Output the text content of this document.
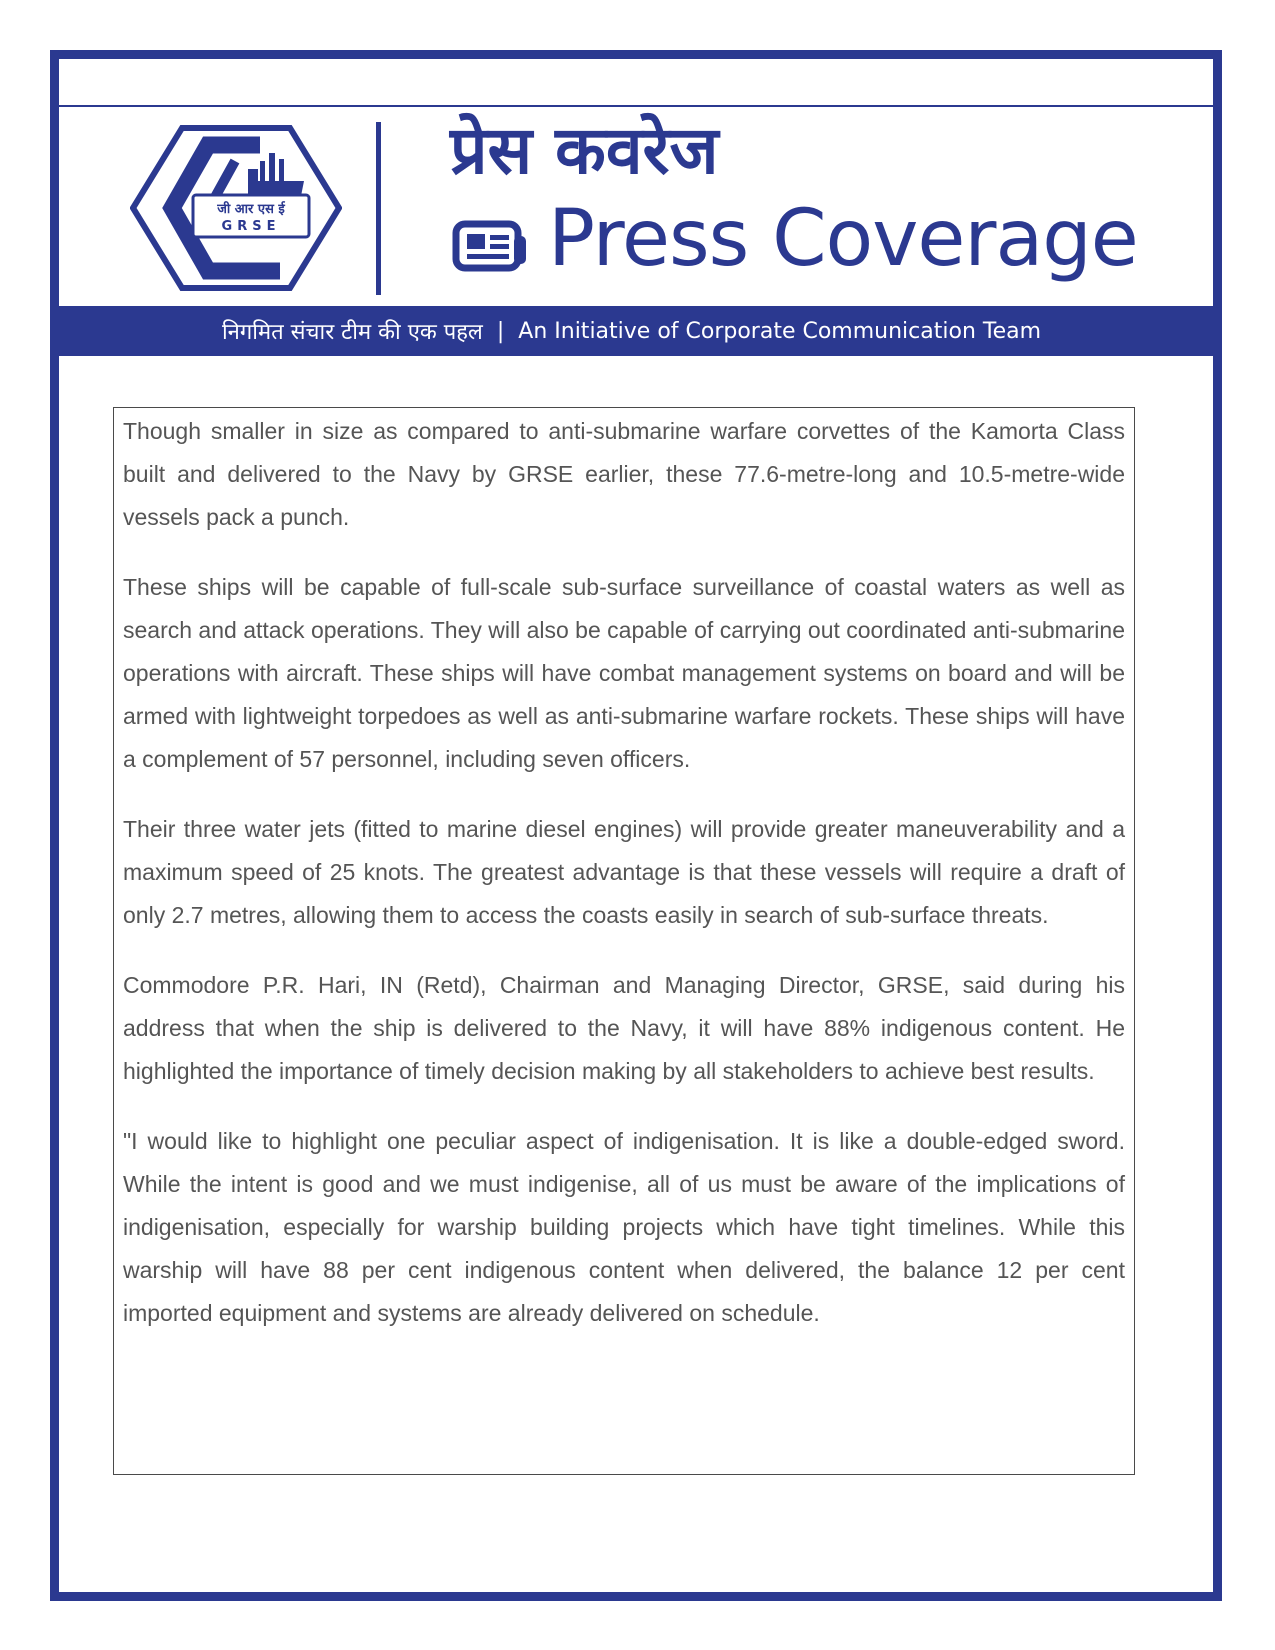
जी आर एस ई
GRSE
प्रेस कवरेज
Press Coverage
निगमित संचार टीम की एक पहल | An Initiative of Corporate Communication Team

Though smaller in size as compared to anti-submarine warfare corvettes of the Kamorta Class built and delivered to the Navy by GRSE earlier, these 77.6-metre-long and 10.5-metre-wide vessels pack a punch.

These ships will be capable of full-scale sub-surface surveillance of coastal waters as well as search and attack operations. They will also be capable of carrying out coordinated anti-submarine operations with aircraft. These ships will have combat management systems on board and will be armed with lightweight torpedoes as well as anti-submarine warfare rockets. These ships will have a complement of 57 personnel, including seven officers.

Their three water jets (fitted to marine diesel engines) will provide greater maneuverability and a maximum speed of 25 knots. The greatest advantage is that these vessels will require a draft of only 2.7 metres, allowing them to access the coasts easily in search of sub-surface threats.

Commodore P.R. Hari, IN (Retd), Chairman and Managing Director, GRSE, said during his address that when the ship is delivered to the Navy, it will have 88% indigenous content. He highlighted the importance of timely decision making by all stakeholders to achieve best results.

"I would like to highlight one peculiar aspect of indigenisation. It is like a double-edged sword. While the intent is good and we must indigenise, all of us must be aware of the implications of indigenisation, especially for warship building projects which have tight timelines. While this warship will have 88 per cent indigenous content when delivered, the balance 12 per cent imported equipment and systems are already delivered on schedule.
